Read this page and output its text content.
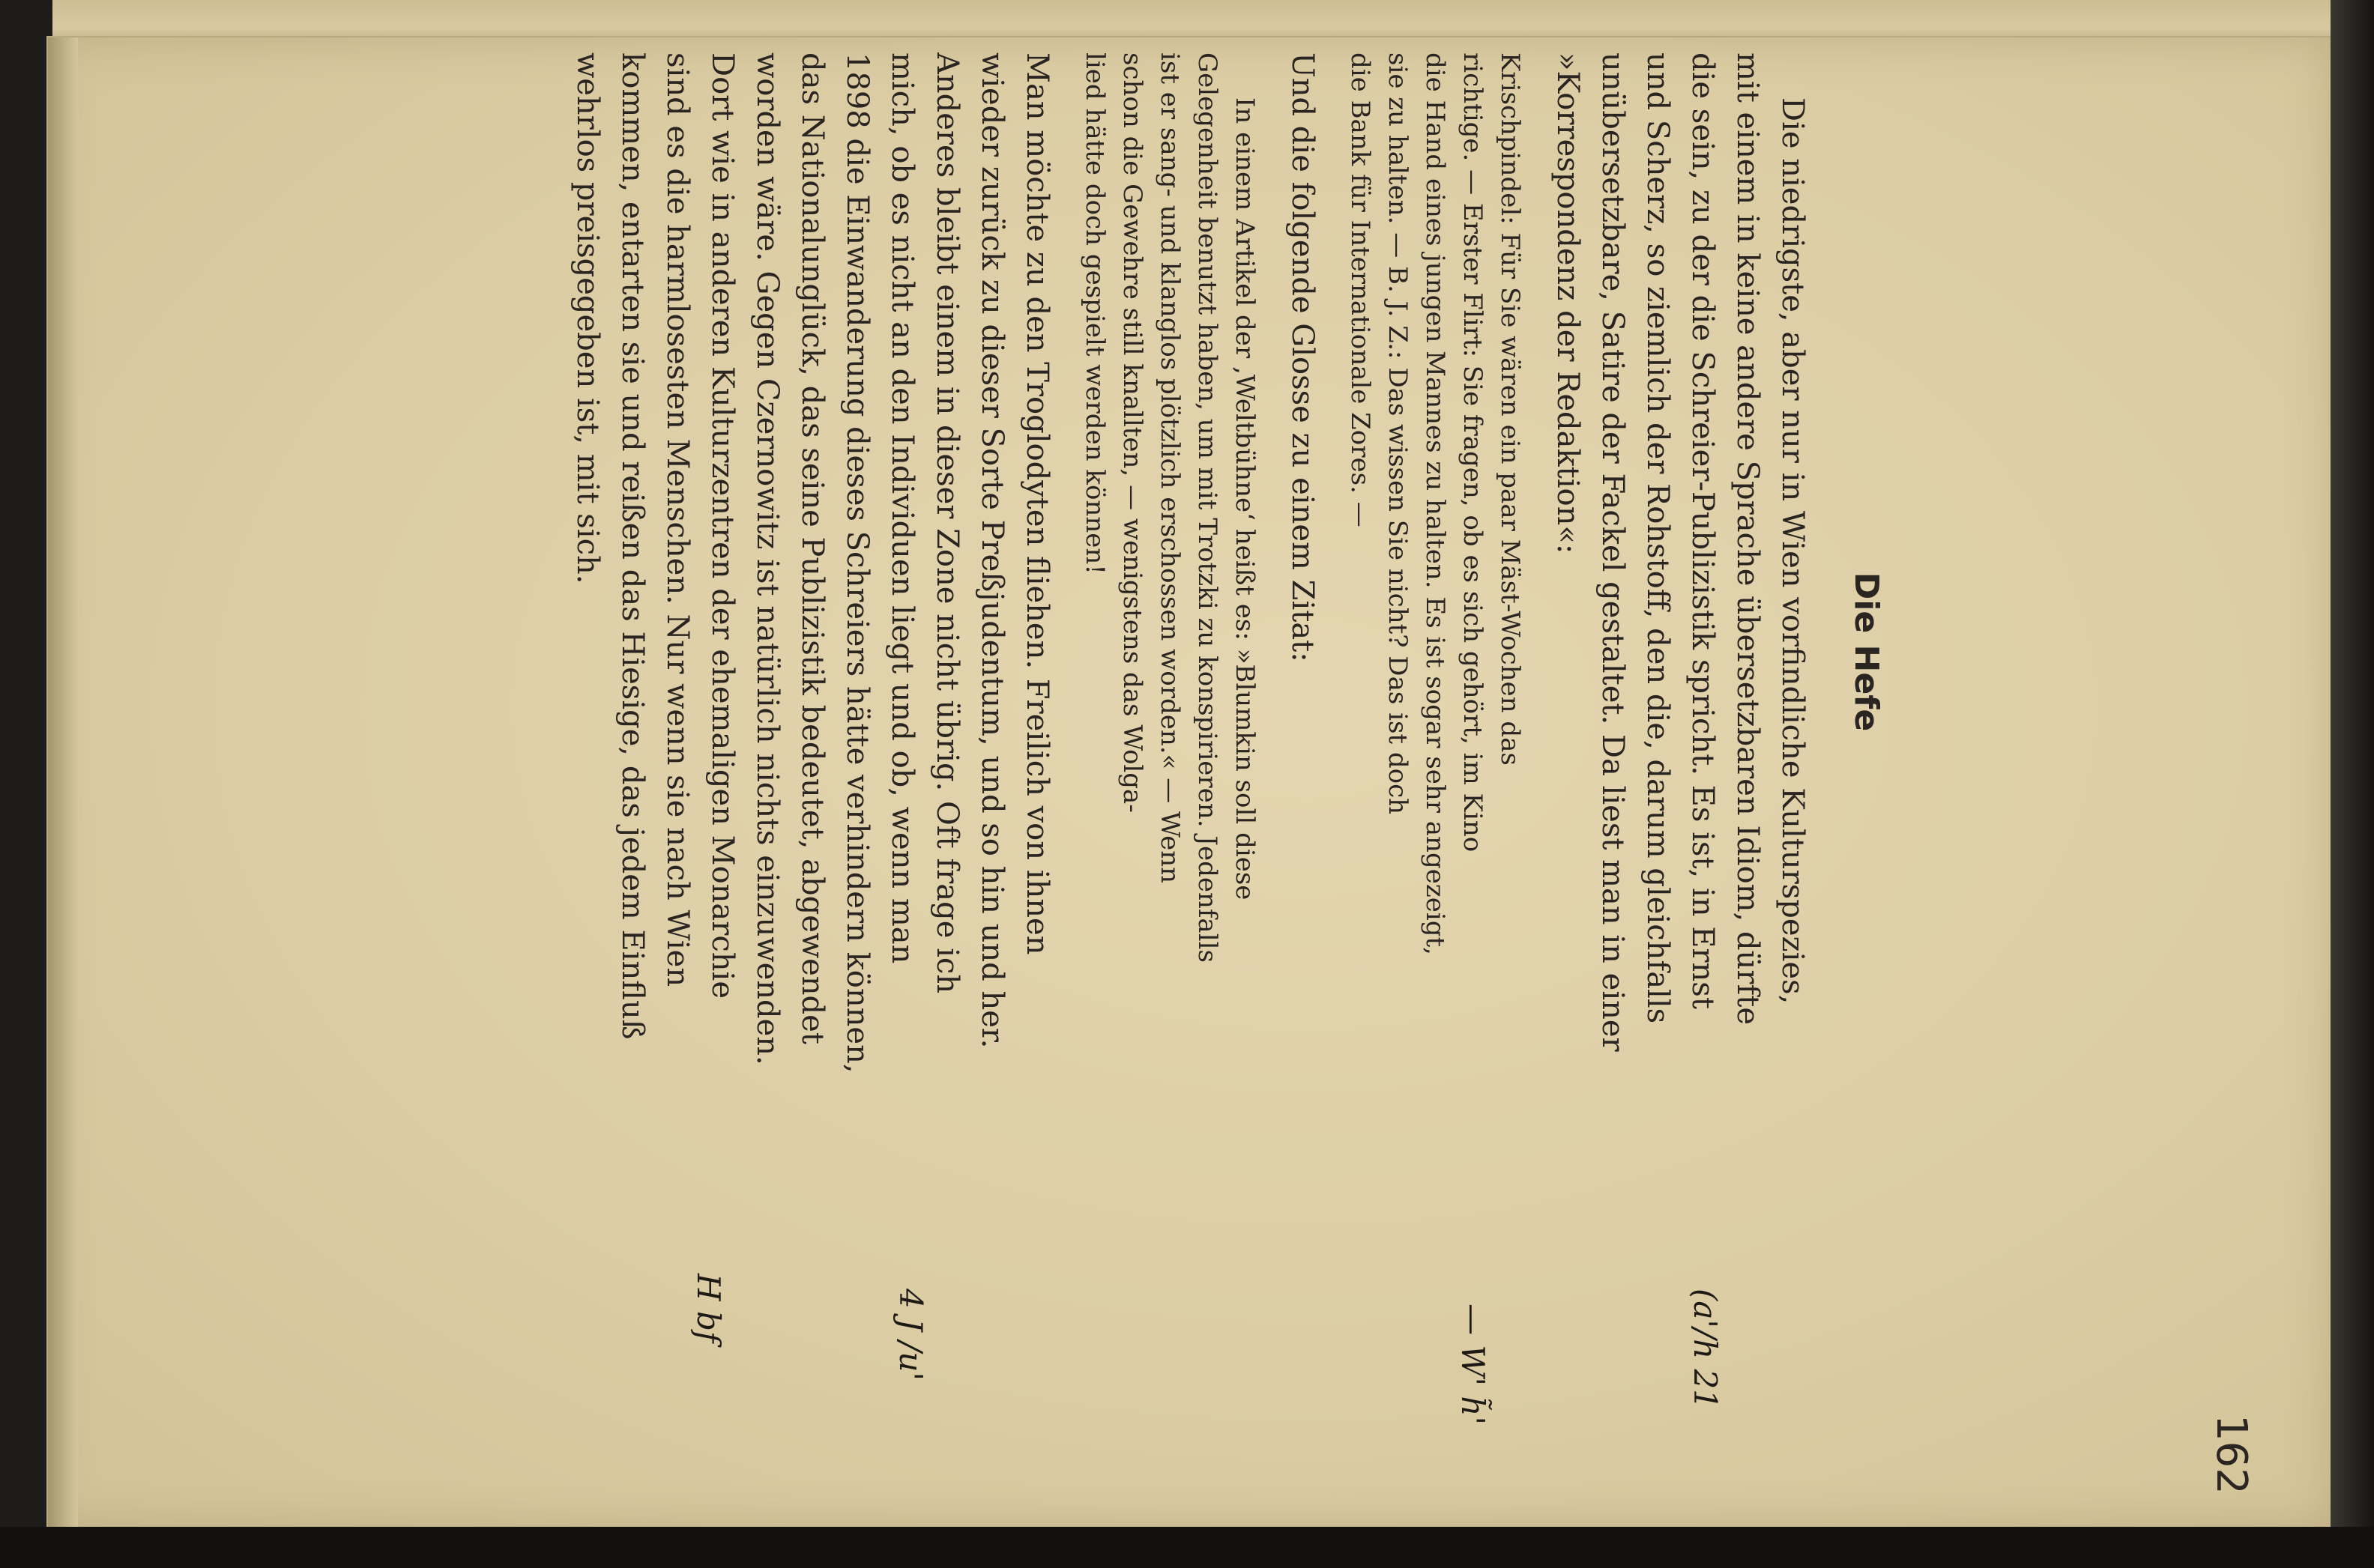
Die Hefe

Die niedrigste, aber nur in Wien vorfindliche Kulturspezies,
mit einem in keine andere Sprache übersetzbaren Idiom, dürfte
die sein, zu der die Schreier-Publizistik spricht. Es ist, in Ernst
und Scherz, so ziemlich der Rohstoff, den die, darum gleichfalls
unübersetzbare, Satire der Fackel gestaltet. Da liest man in einer
»Korrespondenz der Redaktion«:

Krischpindel: Für Sie wären ein paar Mäst-Wochen das
richtige. — Erster Flirt: Sie fragen, ob es sich gehört, im Kino
die Hand eines jungen Mannes zu halten. Es ist sogar sehr angezeigt,
sie zu halten. — B. J. Z.: Das wissen Sie nicht? Das ist doch
die Bank für Internationale Zores. —

Und die folgende Glosse zu einem Zitat:

In einem Artikel der ‚Weltbühne‘ heißt es: »Blumkin soll diese
Gelegenheit benutzt haben, um mit Trotzki zu konspirieren. Jedenfalls
ist er sang- und klanglos plötzlich erschossen worden.« — Wenn
schon die Gewehre still knallten, — wenigstens das Wolga-
lied hätte doch gespielt werden können!

Man möchte zu den Troglodyten fliehen. Freilich von ihnen
wieder zurück zu dieser Sorte Preßjudentum, und so hin und her.
Anderes bleibt einem in dieser Zone nicht übrig. Oft frage ich
mich, ob es nicht an den Individuen liegt und ob, wenn man
1898 die Einwanderung dieses Schreiers hätte verhindern können,
das Nationalunglück, das seine Publizistik bedeutet, abgewendet
worden wäre. Gegen Czernowitz ist natürlich nichts einzuwenden.
Dort wie in anderen Kulturzentren der ehemaligen Monarchie
sind es die harmlosesten Menschen. Nur wenn sie nach Wien
kommen, entarten sie und reißen das Hiesige, das jedem Einfluß
wehrlos preisgegeben ist, mit sich.

(a'/h 21
— W' h̃'
4 J /u'
H bf
162
